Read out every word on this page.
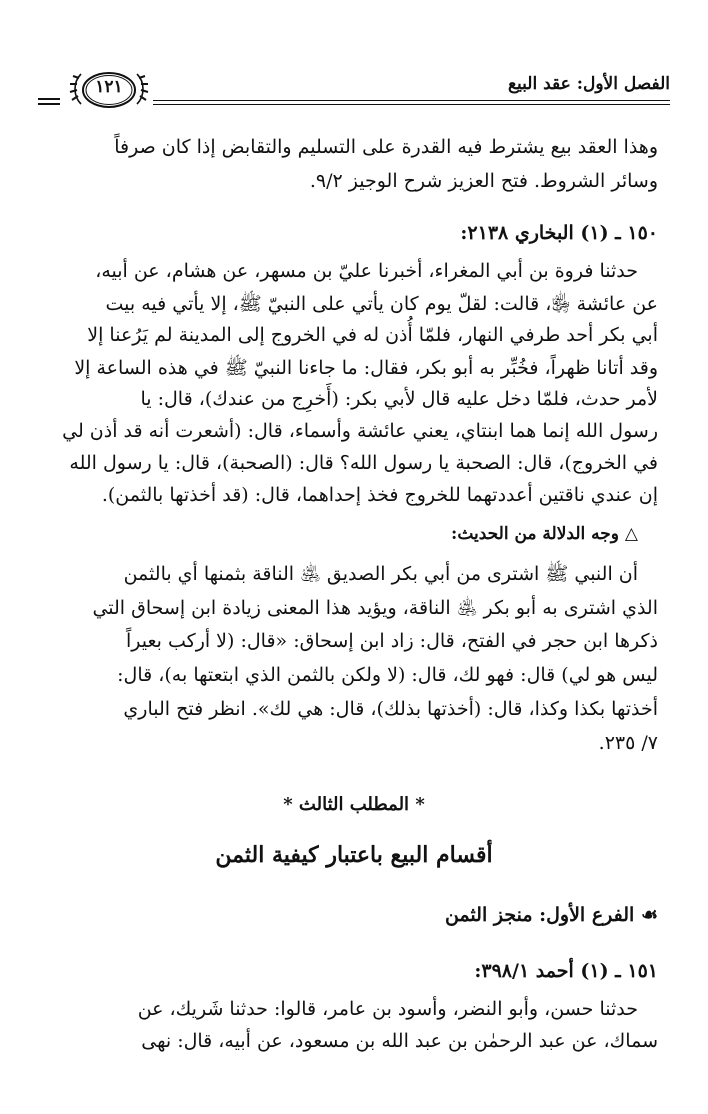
الفصل الأول: عقد البيع
١٢١
وهذا العقد بيع يشترط فيه القدرة على التسليم والتقابض إذا كان صرفاً
وسائر الشروط. فتح العزيز شرح الوجيز ٩/٢.
١٥٠ ـ (١) البخاري ٢١٣٨:
حدثنا فروة بن أبي المغراء، أخبرنا عليّ بن مسهر، عن هشام، عن أبيه،
عن عائشة ﵂، قالت: لقلّ يوم كان يأتي على النبيّ ﷺ، إلا يأتي فيه بيت
أبي بكر أحد طرفي النهار، فلمّا أُذن له في الخروج إلى المدينة لم يَرُعنا إلا
وقد أتانا ظهراً، فخُبِّر به أبو بكر، فقال: ما جاءنا النبيّ ﷺ في هذه الساعة إلا
لأمر حدث، فلمّا دخل عليه قال لأبي بكر: (أَخرِج من عندك)، قال: يا
رسول الله إنما هما ابنتاي، يعني عائشة وأسماء، قال: (أشعرت أنه قد أذن لي
في الخروج)، قال: الصحبة يا رسول الله؟ قال: (الصحبة)، قال: يا رسول الله
إن عندي ناقتين أعددتهما للخروج فخذ إحداهما، قال: (قد أخذتها بالثمن).
△ وجه الدلالة من الحديث:
أن النبي ﷺ اشترى من أبي بكر الصديق ﵁ الناقة بثمنها أي بالثمن
الذي اشترى به أبو بكر ﵁ الناقة، ويؤيد هذا المعنى زيادة ابن إسحاق التي
ذكرها ابن حجر في الفتح، قال: زاد ابن إسحاق: «قال: (لا أركب بعيراً
ليس هو لي) قال: فهو لك، قال: (لا ولكن بالثمن الذي ابتعتها به)، قال:
أخذتها بكذا وكذا، قال: (أخذتها بذلك)، قال: هي لك». انظر فتح الباري
٧/ ٢٣٥.
* المطلب الثالث *
أقسام البيع باعتبار كيفية الثمن
☙ الفرع الأول: منجز الثمن
١٥١ ـ (١) أحمد ٣٩٨/١:
حدثنا حسن، وأبو النضر، وأسود بن عامر، قالوا: حدثنا شَريك، عن
سماك، عن عبد الرحمٰن بن عبد الله بن مسعود، عن أبيه، قال: نهى
